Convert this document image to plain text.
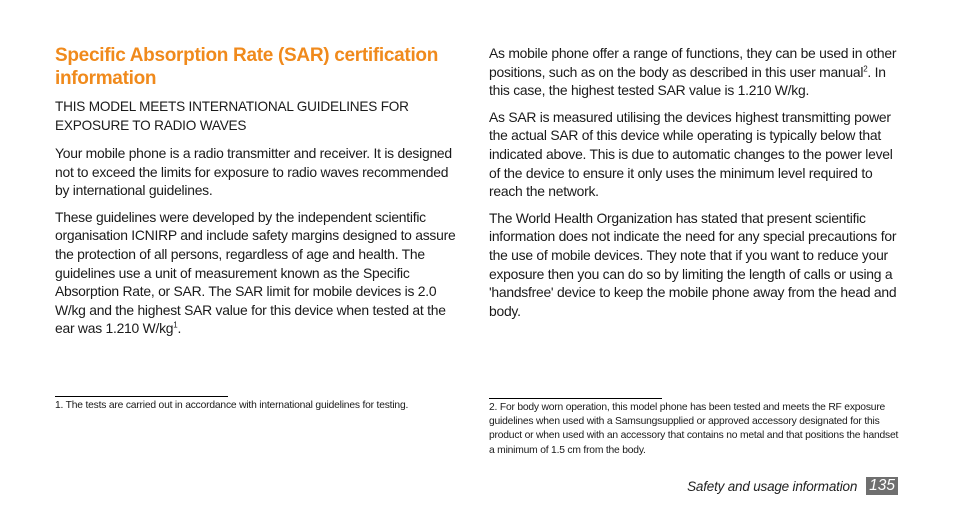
Specific Absorption Rate (SAR) certification information
THIS MODEL MEETS INTERNATIONAL GUIDELINES FOR EXPOSURE TO RADIO WAVES

Your mobile phone is a radio transmitter and receiver. It is designed not to exceed the limits for exposure to radio waves recommended by international guidelines.

These guidelines were developed by the independent scientific organisation ICNIRP and include safety margins designed to assure the protection of all persons, regardless of age and health. The guidelines use a unit of measurement known as the Specific Absorption Rate, or SAR. The SAR limit for mobile devices is 2.0 W/kg and the highest SAR value for this device when tested at the ear was 1.210 $W/kg^1$.

As mobile phone offer a range of functions, they can be used in other positions, such as on the body as described in this user manual$^2$. In this case, the highest tested SAR value is 1.210 W/kg.

As SAR is measured utilising the devices highest transmitting power the actual SAR of this device while operating is typically below that indicated above. This is due to automatic changes to the power level of the device to ensure it only uses the minimum level required to reach the network.

The World Health Organization has stated that present scientific information does not indicate the need for any special precautions for the use of mobile devices. They note that if you want to reduce your exposure then you can do so by limiting the length of calls or using a 'handsfree' device to keep the mobile phone away from the head and body.

1. The tests are carried out in accordance with international guidelines for testing.	2. For body worn operation, this model phone has been tested and meets the RF exposure guidelines when used with a Samsungsupplied or approved accessory designated for this product or when used with an accessory that contains no metal and that positions the handset a minimum of 1.5 cm from the body.

Safety and usage information 135
